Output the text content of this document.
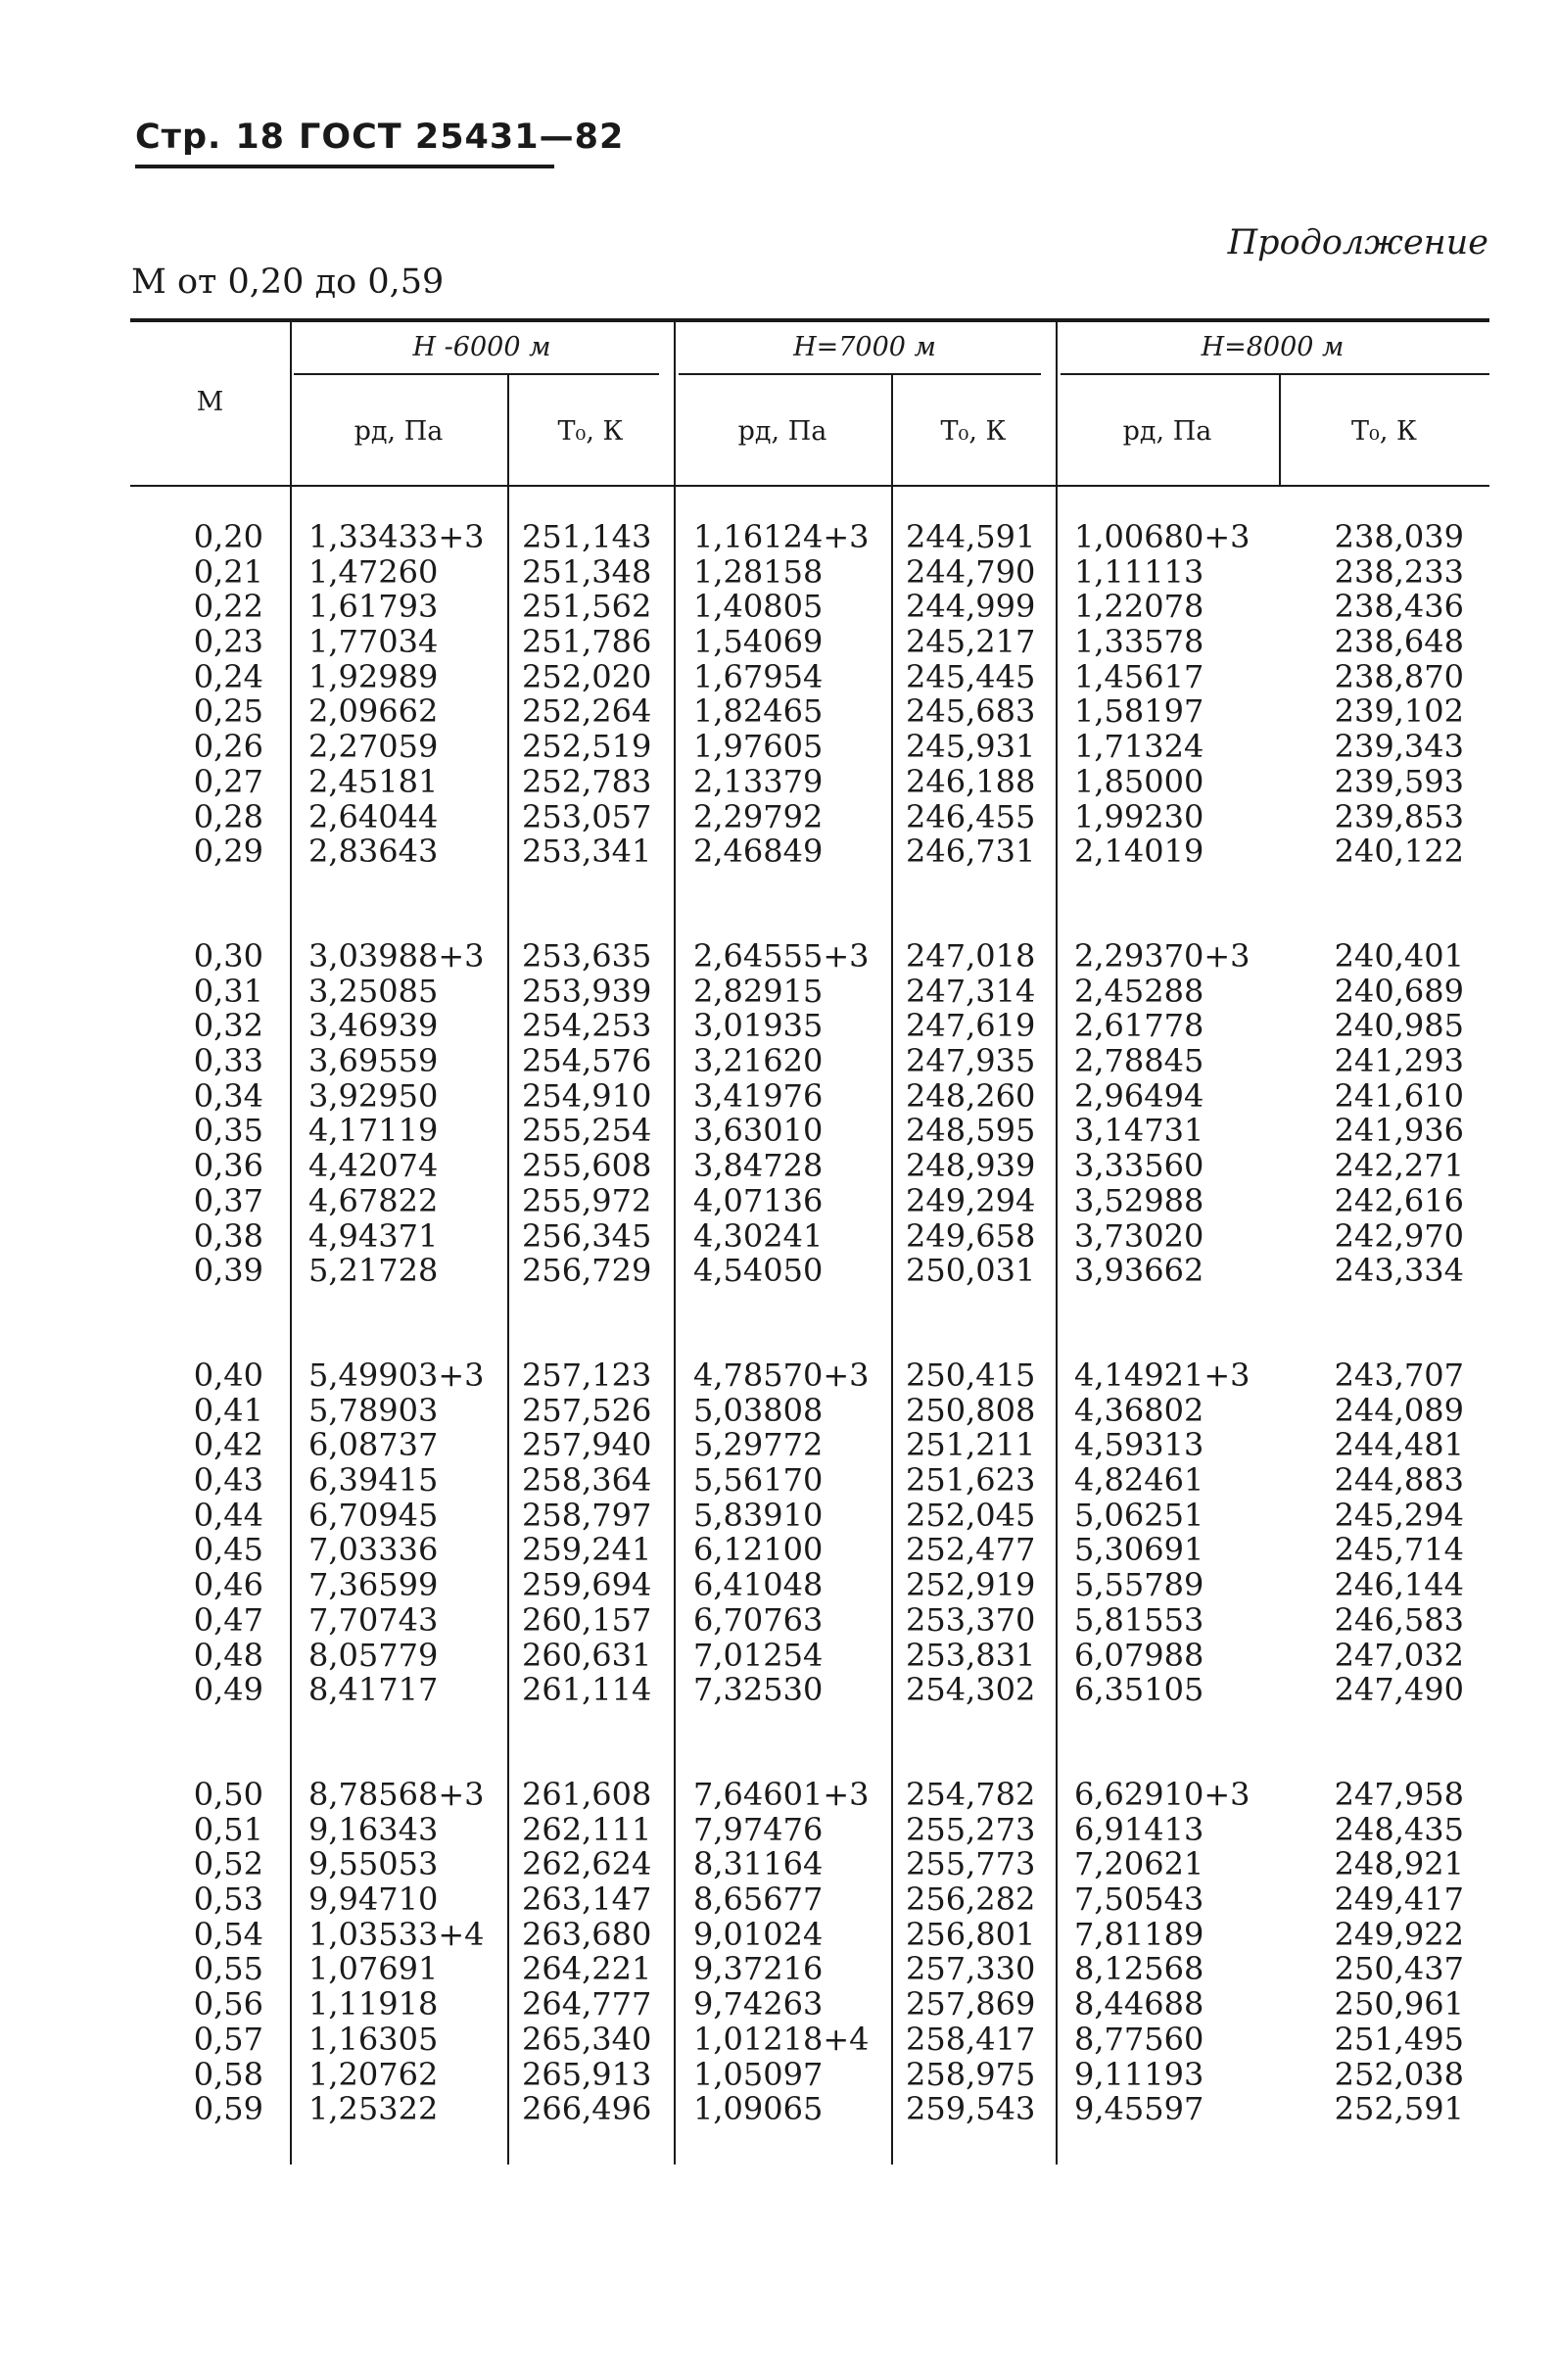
Стр. 18 ГОСТ 25431—82
Продолжение
М от 0,20 до 0,59
М
H -6000 м	H=7000 м	H=8000 м
pд, Па	T₀, К	pд, Па	T₀, К	pд, Па	T₀, К
0,20 1,33433+3	251,143	1,16124+3	244,591	1,00680+3	238,039
0,21 1,47260	251,348	1,28158	244,790	1,11113	238,233
0,22 1,61793	251,562	1,40805	244,999	1,22078	238,436
0,23 1,77034	251,786	1,54069	245,217	1,33578	238,648
0,24 1,92989	252,020	1,67954	245,445	1,45617	238,870
0,25 2,09662	252,264	1,82465	245,683	1,58197	239,102
0,26 2,27059	252,519	1,97605	245,931	1,71324	239,343
0,27 2,45181	252,783	2,13379	246,188	1,85000	239,593
0,28 2,64044	253,057	2,29792	246,455	1,99230	239,853
0,29 2,83643	253,341	2,46849	246,731	2,14019	240,122
0,30 3,03988+3	253,635	2,64555+3	247,018	2,29370+3	240,401
0,31 3,25085	253,939	2,82915	247,314	2,45288	240,689
0,32 3,46939	254,253	3,01935	247,619	2,61778	240,985
0,33 3,69559	254,576	3,21620	247,935	2,78845	241,293
0,34 3,92950	254,910	3,41976	248,260	2,96494	241,610
0,35 4,17119	255,254	3,63010	248,595	3,14731	241,936
0,36 4,42074	255,608	3,84728	248,939	3,33560	242,271
0,37 4,67822	255,972	4,07136	249,294	3,52988	242,616
0,38 4,94371	256,345	4,30241	249,658	3,73020	242,970
0,39 5,21728	256,729	4,54050	250,031	3,93662	243,334
0,40 5,49903+3	257,123	4,78570+3	250,415	4,14921+3	243,707
0,41 5,78903	257,526	5,03808	250,808	4,36802	244,089
0,42 6,08737	257,940	5,29772	251,211	4,59313	244,481
0,43 6,39415	258,364	5,56170	251,623	4,82461	244,883
0,44 6,70945	258,797	5,83910	252,045	5,06251	245,294
0,45 7,03336	259,241	6,12100	252,477	5,30691	245,714
0,46 7,36599	259,694	6,41048	252,919	5,55789	246,144
0,47 7,70743	260,157	6,70763	253,370	5,81553	246,583
0,48 8,05779	260,631	7,01254	253,831	6,07988	247,032
0,49 8,41717	261,114	7,32530	254,302	6,35105	247,490
0,50 8,78568+3	261,608	7,64601+3	254,782	6,62910+3	247,958
0,51 9,16343	262,111	7,97476	255,273	6,91413	248,435
0,52 9,55053	262,624	8,31164	255,773	7,20621	248,921
0,53 9,94710	263,147	8,65677	256,282	7,50543	249,417
0,54 1,03533+4	263,680	9,01024	256,801	7,81189	249,922
0,55 1,07691	264,221	9,37216	257,330	8,12568	250,437
0,56 1,11918	264,777	9,74263	257,869	8,44688	250,961
0,57 1,16305	265,340	1,01218+4	258,417	8,77560	251,495
0,58 1,20762	265,913	1,05097	258,975	9,11193	252,038
0,59 1,25322	266,496	1,09065	259,543	9,45597	252,591
